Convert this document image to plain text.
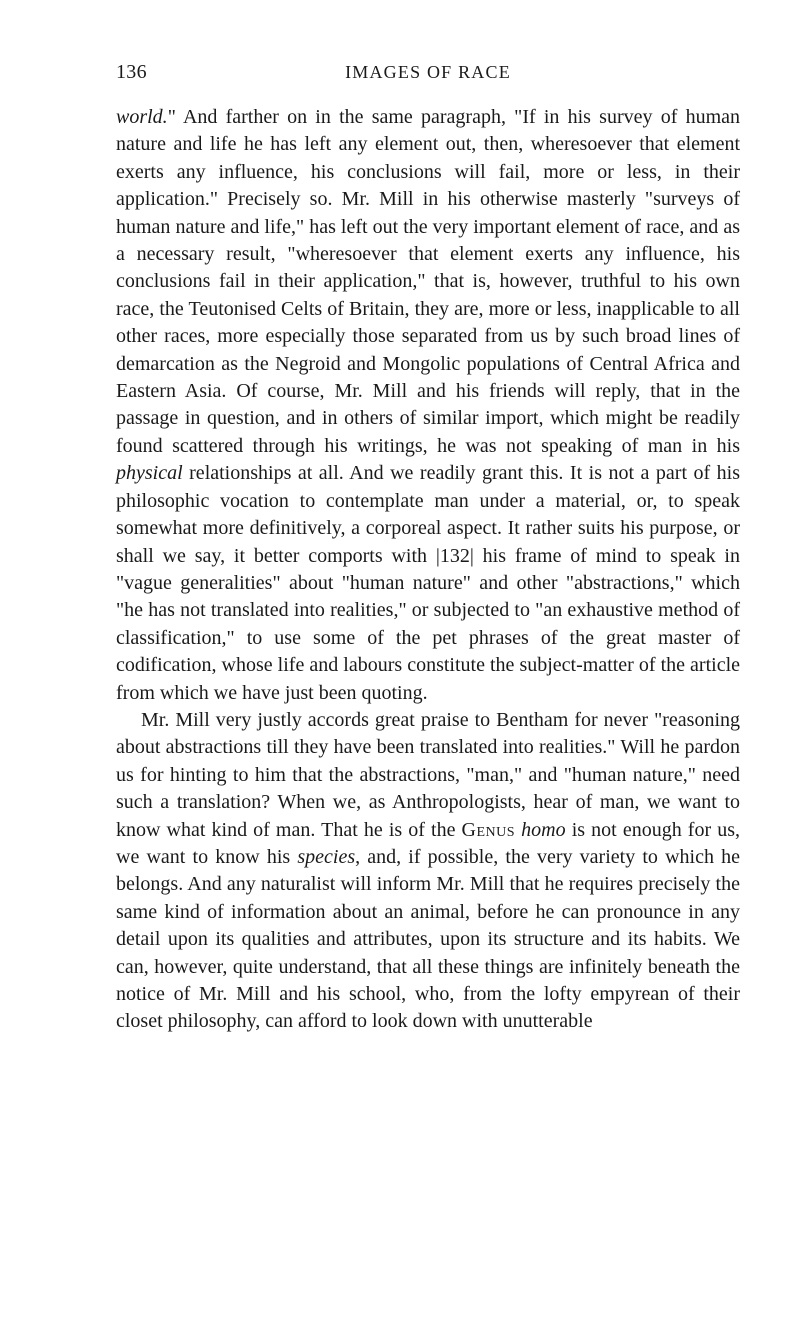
136	IMAGES OF RACE

world." And farther on in the same paragraph, "If in his survey of human nature and life he has left any element out, then, wheresoever that element exerts any influence, his conclusions will fail, more or less, in their application." Precisely so. Mr. Mill in his otherwise masterly "surveys of human nature and life," has left out the very important element of race, and as a necessary result, "wheresoever that element exerts any influence, his conclusions fail in their application," that is, however, truthful to his own race, the Teutonised Celts of Britain, they are, more or less, inapplicable to all other races, more especially those separated from us by such broad lines of demarcation as the Negroid and Mongolic populations of Central Africa and Eastern Asia. Of course, Mr. Mill and his friends will reply, that in the passage in question, and in others of similar import, which might be readily found scattered through his writings, he was not speaking of man in his physical relationships at all. And we readily grant this. It is not a part of his philosophic vocation to contemplate man under a material, or, to speak somewhat more definitively, a corporeal aspect. It rather suits his purpose, or shall we say, it better comports with |132| his frame of mind to speak in "vague generalities" about "human nature" and other "abstractions," which "he has not translated into realities," or subjected to "an exhaustive method of classification," to use some of the pet phrases of the great master of codification, whose life and labours constitute the subject-matter of the article from which we have just been quoting.

Mr. Mill very justly accords great praise to Bentham for never "reasoning about abstractions till they have been translated into realities." Will he pardon us for hinting to him that the abstractions, "man," and "human nature," need such a translation? When we, as Anthropologists, hear of man, we want to know what kind of man. That he is of the Genus homo is not enough for us, we want to know his species, and, if possible, the very variety to which he belongs. And any naturalist will inform Mr. Mill that he requires precisely the same kind of information about an animal, before he can pronounce in any detail upon its qualities and attributes, upon its structure and its habits. We can, however, quite understand, that all these things are infinitely beneath the notice of Mr. Mill and his school, who, from the lofty empyrean of their closet philosophy, can afford to look down with unutterable
